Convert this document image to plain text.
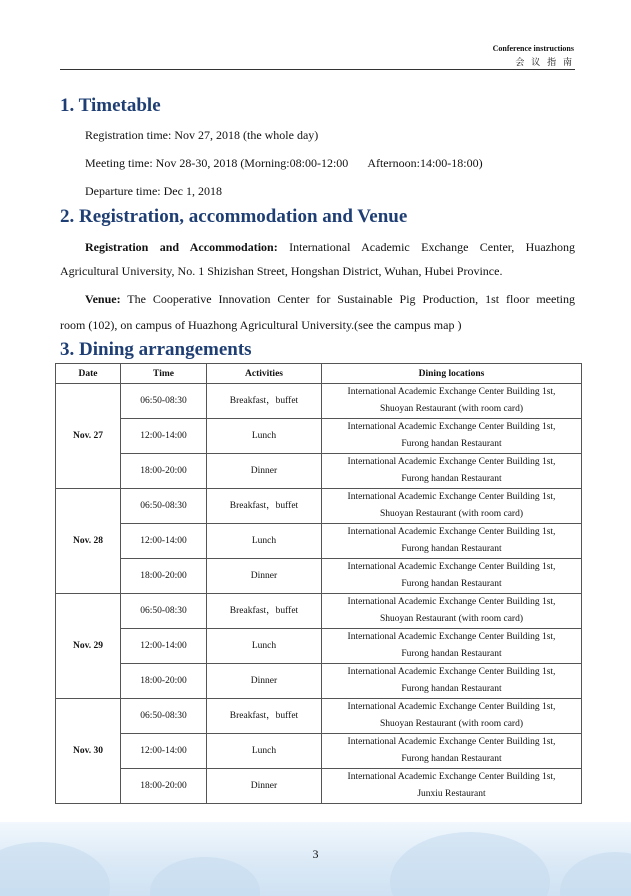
Conference instructions
会 议 指 南
1. Timetable
Registration time: Nov 27, 2018 (the whole day)
Meeting time: Nov 28-30, 2018 (Morning:08:00-12:00 Afternoon:14:00-18:00)
Departure time: Dec 1, 2018
2. Registration, accommodation and Venue
Registration and Accommodation: International Academic Exchange Center, Huazhong
Agricultural University, No. 1 Shizishan Street, Hongshan District, Wuhan, Hubei Province.
Venue: The Cooperative Innovation Center for Sustainable Pig Production, 1st floor meeting
room (102), on campus of Huazhong Agricultural University.(see the campus map )
3. Dining arrangements
Date	Time	Activities	Dining locations
Nov. 27	06:50-08:30	Breakfast，buffet	International Academic Exchange Center Building 1st,
Shuoyan Restaurant (with room card)
	12:00-14:00	Lunch	International Academic Exchange Center Building 1st,
Furong handan Restaurant
	18:00-20:00	Dinner	International Academic Exchange Center Building 1st,
Furong handan Restaurant
Nov. 28	06:50-08:30	Breakfast，buffet	International Academic Exchange Center Building 1st,
Shuoyan Restaurant (with room card)
	12:00-14:00	Lunch	International Academic Exchange Center Building 1st,
Furong handan Restaurant
	18:00-20:00	Dinner	International Academic Exchange Center Building 1st,
Furong handan Restaurant
Nov. 29	06:50-08:30	Breakfast，buffet	International Academic Exchange Center Building 1st,
Shuoyan Restaurant (with room card)
	12:00-14:00	Lunch	International Academic Exchange Center Building 1st,
Furong handan Restaurant
	18:00-20:00	Dinner	International Academic Exchange Center Building 1st,
Furong handan Restaurant
Nov. 30	06:50-08:30	Breakfast，buffet	International Academic Exchange Center Building 1st,
Shuoyan Restaurant (with room card)
	12:00-14:00	Lunch	International Academic Exchange Center Building 1st,
Furong handan Restaurant
	18:00-20:00	Dinner	International Academic Exchange Center Building 1st,
Junxiu Restaurant
3
